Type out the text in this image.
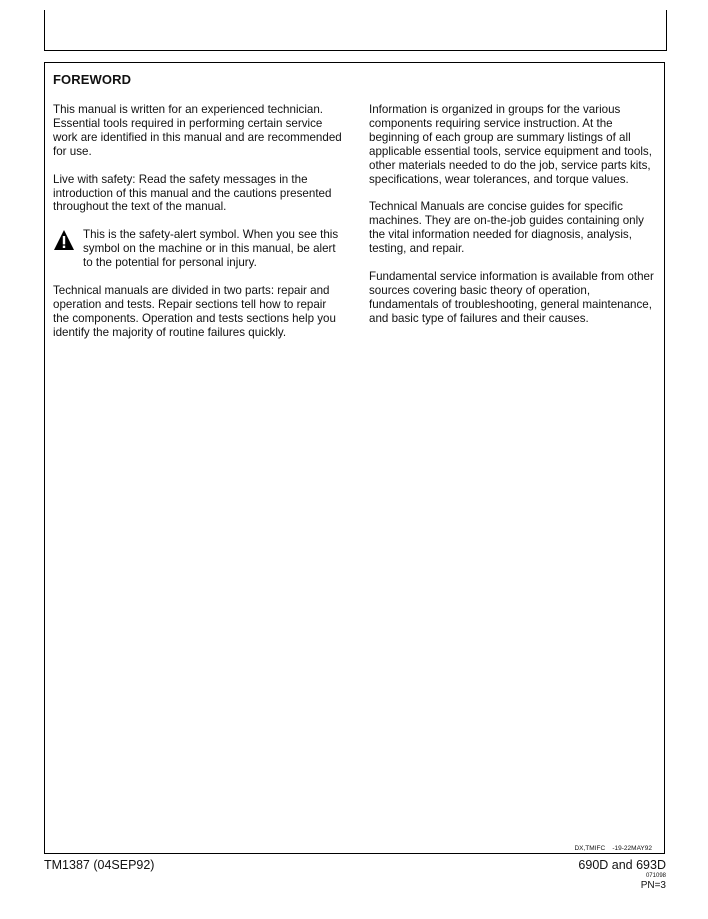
FOREWORD

This manual is written for an experienced technician. Essential tools required in performing certain service work are identified in this manual and are recommended for use.

Live with safety: Read the safety messages in the introduction of this manual and the cautions presented throughout the text of the manual.

This is the safety-alert symbol. When you see this symbol on the machine or in this manual, be alert to the potential for personal injury.

Technical manuals are divided in two parts: repair and operation and tests. Repair sections tell how to repair the components. Operation and tests sections help you identify the majority of routine failures quickly.

Information is organized in groups for the various components requiring service instruction. At the beginning of each group are summary listings of all applicable essential tools, service equipment and tools, other materials needed to do the job, service parts kits, specifications, wear tolerances, and torque values.

Technical Manuals are concise guides for specific machines. They are on-the-job guides containing only the vital information needed for diagnosis, analysis, testing, and repair.

Fundamental service information is available from other sources covering basic theory of operation, fundamentals of troubleshooting, general maintenance, and basic type of failures and their causes.

DX,TMIFC    -19-22MAY92
TM1387 (04SEP92)	690D and 693D
071098
PN=3
